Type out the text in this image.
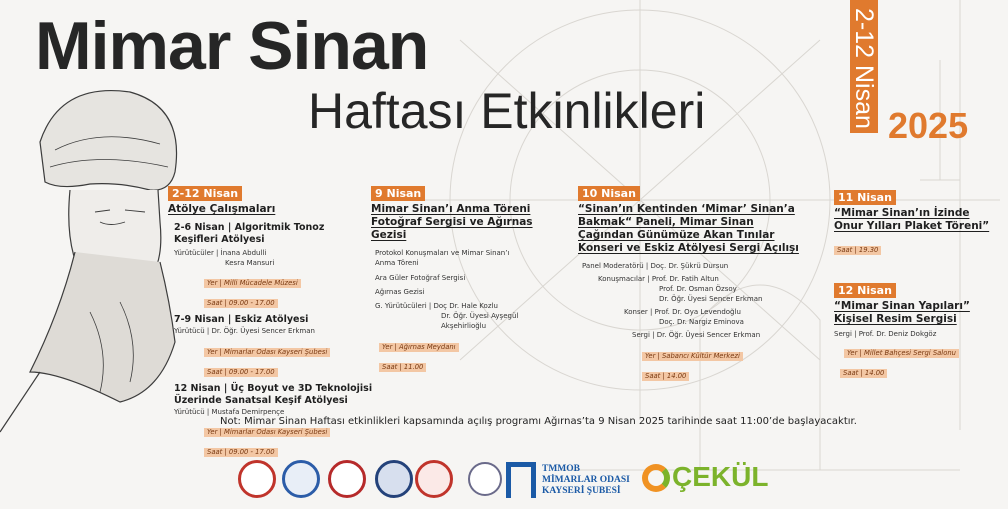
Mimar Sinan
Haftası Etkinlikleri	2025
2-12 Nisan
2-12 Nisan
Atölye Çalışmaları
2-6 Nisan | Algoritmik Tonoz Keşifleri Atölyesi
Yürütücüler | İnana Abdulli
Kesra Mansuri
Yer | Milli Mücadele Müzesi
Saat | 09.00 - 17.00
7-9 Nisan | Eskiz Atölyesi
Yürütücü | Dr. Öğr. Üyesi Sencer Erkman
Yer | Mimarlar Odası Kayseri Şubesi
Saat | 09.00 - 17.00
12 Nisan | Üç Boyut ve 3D Teknolojisi Üzerinde Sanatsal Keşif Atölyesi
Yürütücü | Mustafa Demirpençe
Yer | Mimarlar Odası Kayseri Şubesi
Saat | 09.00 - 17.00
9 Nisan
Mimar Sinan’ı Anma Töreni Fotoğraf Sergisi ve Ağırnas Gezisi
Protokol Konuşmaları ve Mimar Sinan’ı Anma Töreni
Ara Güler Fotoğraf Sergisi
Ağırnas Gezisi
G. Yürütücüleri | Doç Dr. Hale Kozlu
Dr. Öğr. Üyesi Ayşegül Akşehirlioğlu
Yer | Ağırnas Meydanı
Saat | 11.00
10 Nisan
“Sinan’ın Kentinden ‘Mimar’ Sinan’a Bakmak“ Paneli, Mimar Sinan Çağından Günümüze Akan Tınılar Konseri ve Eskiz Atölyesi Sergi Açılışı
Panel Moderatörü | Doç. Dr. Şükrü Dursun
Konuşmacılar | Prof. Dr. Fatih Altun
Prof. Dr. Osman Özsoy
Dr. Öğr. Üyesi Sencer Erkman
Konser | Prof. Dr. Oya Levendoğlu
Doç. Dr. Nargiz Eminova
Sergi | Dr. Öğr. Üyesi Sencer Erkman
Yer | Sabancı Kültür Merkezi
Saat | 14.00
11 Nisan
“Mimar Sinan’ın İzinde Onur Yılları Plaket Töreni”
Saat | 19.30
12 Nisan
“Mimar Sinan Yapıları” Kişisel Resim Sergisi
Sergi | Prof. Dr. Deniz Dokgöz
Yer | Millet Bahçesi Sergi Salonu
Saat | 14.00
Not: Mimar Sinan Haftası etkinlikleri kapsamında açılış programı Ağırnas’ta 9 Nisan 2025 tarihinde saat 11:00’de başlayacaktır.
TMMOB
MİMARLAR ODASI
KAYSERİ ŞUBESİ	ÇEKÜL
